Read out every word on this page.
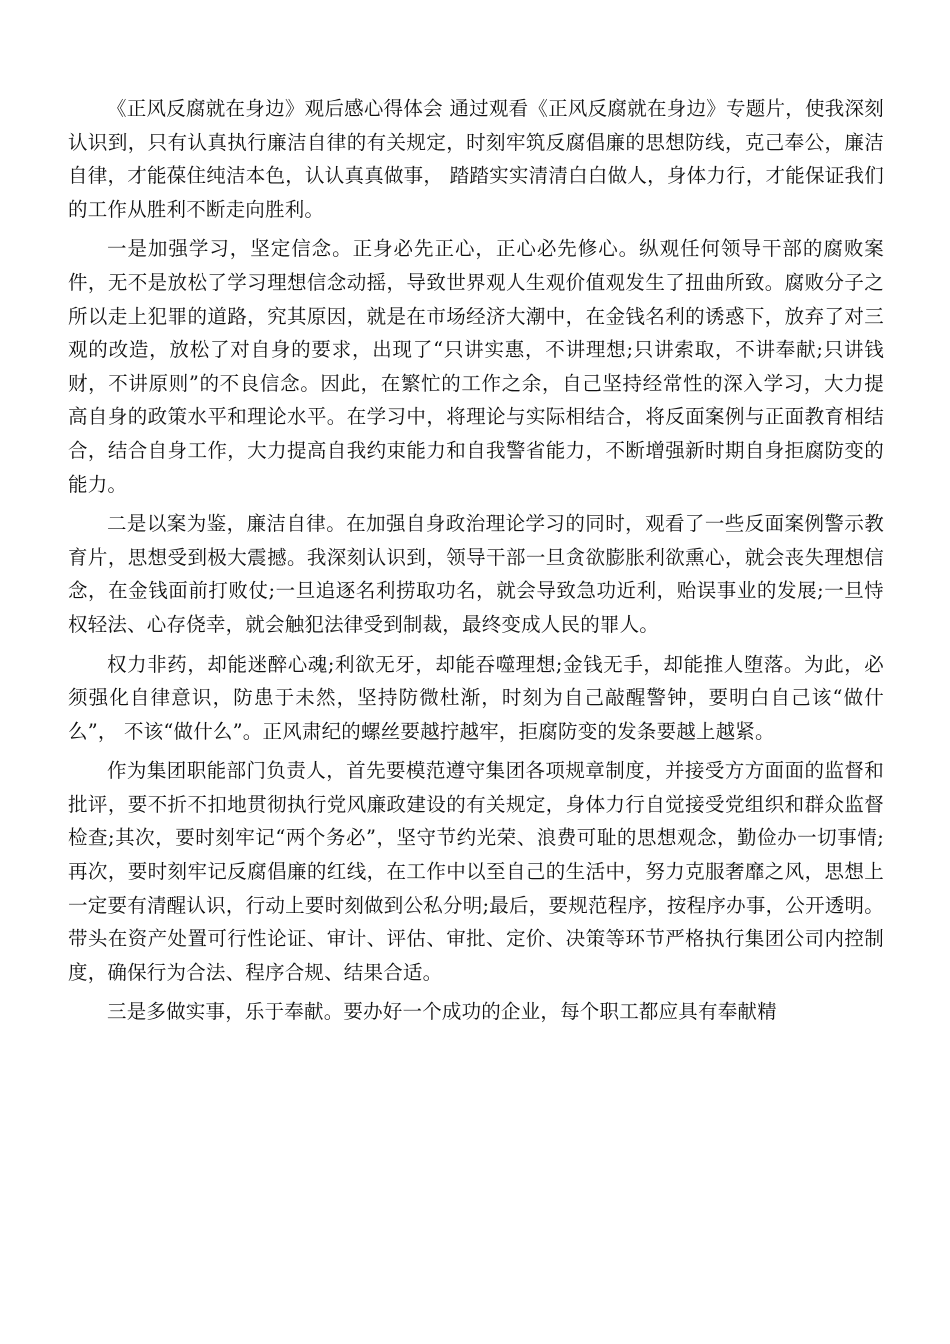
《正风反腐就在身边》观后感心得体会 通过观看《正风反腐就在身边》专题片，使我深刻认识到，只有认真执行廉洁自律的有关规定，时刻牢筑反腐倡廉的思想防线，克己奉公，廉洁自律，才能葆住纯洁本色，认认真真做事， 踏踏实实清清白白做人，身体力行，才能保证我们的工作从胜利不断走向胜利。

一是加强学习，坚定信念。正身必先正心，正心必先修心。纵观任何领导干部的腐败案件，无不是放松了学习理想信念动摇，导致世界观人生观价值观发生了扭曲所致。腐败分子之所以走上犯罪的道路，究其原因，就是在市场经济大潮中，在金钱名利的诱惑下，放弃了对三观的改造，放松了对自身的要求，出现了“只讲实惠，不讲理想;只讲索取，不讲奉献;只讲钱财，不讲原则”的不良信念。因此，在繁忙的工作之余，自己坚持经常性的深入学习，大力提高自身的政策水平和理论水平。在学习中，将理论与实际相结合，将反面案例与正面教育相结合，结合自身工作，大力提高自我约束能力和自我警省能力，不断增强新时期自身拒腐防变的能力。

二是以案为鉴，廉洁自律。在加强自身政治理论学习的同时，观看了一些反面案例警示教育片，思想受到极大震撼。我深刻认识到，领导干部一旦贪欲膨胀利欲熏心，就会丧失理想信念，在金钱面前打败仗;一旦追逐名利捞取功名，就会导致急功近利，贻误事业的发展;一旦恃权轻法、心存侥幸，就会触犯法律受到制裁，最终变成人民的罪人。

权力非药，却能迷醉心魂;利欲无牙，却能吞噬理想;金钱无手，却能推人堕落。为此，必须强化自律意识，防患于未然，坚持防微杜渐，时刻为自己敲醒警钟，要明白自己该“做什么”， 不该“做什么”。正风肃纪的螺丝要越拧越牢，拒腐防变的发条要越上越紧。

作为集团职能部门负责人，首先要模范遵守集团各项规章制度，并接受方方面面的监督和批评，要不折不扣地贯彻执行党风廉政建设的有关规定，身体力行自觉接受党组织和群众监督检查;其次，要时刻牢记“两个务必”，坚守节约光荣、浪费可耻的思想观念，勤俭办一切事情;再次，要时刻牢记反腐倡廉的红线，在工作中以至自己的生活中，努力克服奢靡之风，思想上一定要有清醒认识，行动上要时刻做到公私分明;最后，要规范程序，按程序办事，公开透明。带头在资产处置可行性论证、审计、评估、审批、定价、决策等环节严格执行集团公司内控制度，确保行为合法、程序合规、结果合适。

三是多做实事，乐于奉献。要办好一个成功的企业，每个职工都应具有奉献精
